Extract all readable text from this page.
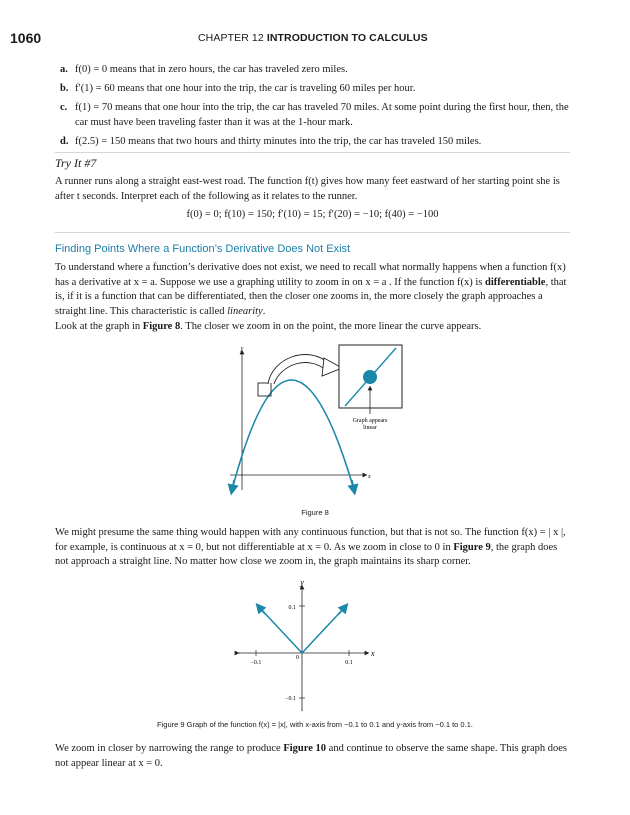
1060	CHAPTER 12 INTRODUCTION TO CALCULUS
a. f(0) = 0 means that in zero hours, the car has traveled zero miles.
b. f′(1) = 60 means that one hour into the trip, the car is traveling 60 miles per hour.
c. f(1) = 70 means that one hour into the trip, the car has traveled 70 miles. At some point during the first hour, then, the car must have been traveling faster than it was at the 1-hour mark.
d. f(2.5) = 150 means that two hours and thirty minutes into the trip, the car has traveled 150 miles.
Try It #7
A runner runs along a straight east-west road. The function f(t) gives how many feet eastward of her starting point she is after t seconds. Interpret each of the following as it relates to the runner.
f(0) = 0; f(10) = 150; f′(10) = 15; f′(20) = −10; f(40) = −100
Finding Points Where a Function’s Derivative Does Not Exist
To understand where a function’s derivative does not exist, we need to recall what normally happens when a function f(x) has a derivative at x = a. Suppose we use a graphing utility to zoom in on x = a . If the function f(x) is differentiable, that is, if it is a function that can be differentiated, then the closer one zooms in, the more closely the graph approaches a straight line. This characteristic is called linearity.
Look at the graph in Figure 8. The closer we zoom in on the point, the more linear the curve appears.
y
x
Graph appears
linear
Figure 8
We might presume the same thing would happen with any continuous function, but that is not so. The function f(x) = | x |, for example, is continuous at x = 0, but not differentiable at x = 0. As we zoom in close to 0 in Figure 9, the graph does not approach a straight line. No matter how close we zoom in, the graph maintains its sharp corner.
y
x
0.1
−0.1
−0.1	0.1
0
Figure 9 Graph of the function f(x) = |x|, with x-axis from −0.1 to 0.1 and y-axis from −0.1 to 0.1.
We zoom in closer by narrowing the range to produce Figure 10 and continue to observe the same shape. This graph does not appear linear at x = 0.
